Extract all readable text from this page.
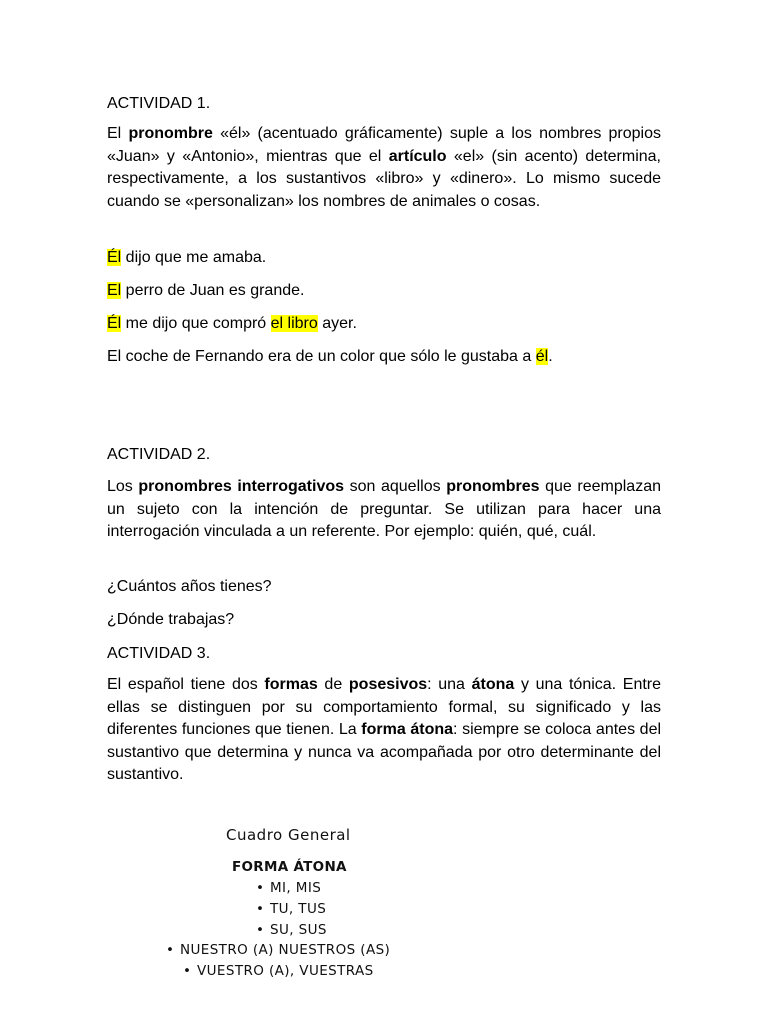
ACTIVIDAD 1.

El pronombre «él» (acentuado gráficamente) suple a los nombres propios «Juan» y «Antonio», mientras que el artículo «el» (sin acento) determina, respectivamente, a los sustantivos «libro» y «dinero». Lo mismo sucede cuando se «personalizan» los nombres de animales o cosas.

Él dijo que me amaba.

El perro de Juan es grande.

Él me dijo que compró el libro ayer.

El coche de Fernando era de un color que sólo le gustaba a él.

ACTIVIDAD 2.

Los pronombres interrogativos son aquellos pronombres que reemplazan un sujeto con la intención de preguntar. Se utilizan para hacer una interrogación vinculada a un referente. Por ejemplo: quién, qué, cuál.

¿Cuántos años tienes?

¿Dónde trabajas?

ACTIVIDAD 3.

El español tiene dos formas de posesivos: una átona y una tónica. Entre ellas se distinguen por su comportamiento formal, su significado y las diferentes funciones que tienen. La forma átona: siempre se coloca antes del sustantivo que determina y nunca va acompañada por otro determinante del sustantivo.

Cuadro General
FORMA ÁTONA
• MI, MIS
• TU, TUS
• SU, SUS
• NUESTRO (A) NUESTROS (AS)
• VUESTRO (A), VUESTRAS
